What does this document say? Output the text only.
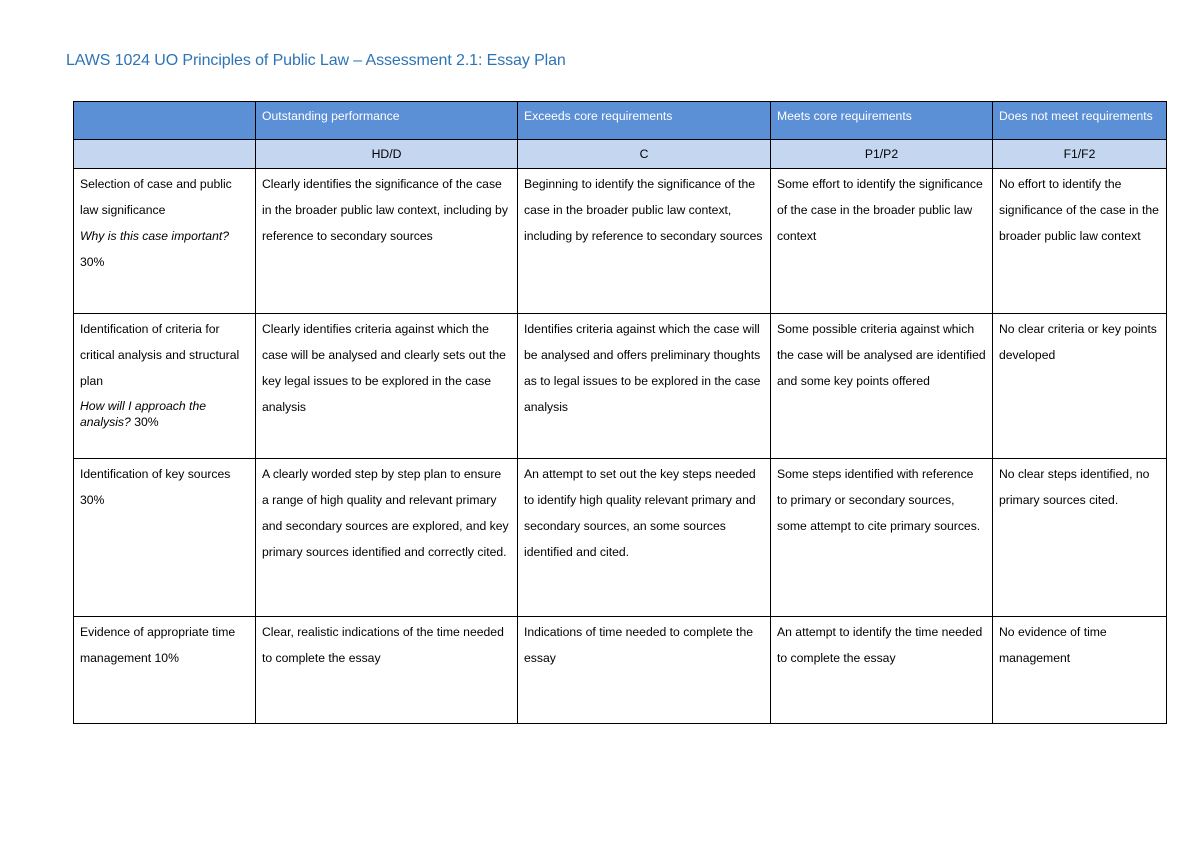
LAWS 1024 UO Principles of Public Law – Assessment 2.1: Essay Plan
	Outstanding performance	Exceeds core requirements	Meets core requirements	Does not meet requirements
	HD/D	C	P1/P2	F1/F2

Selection of case and public law significance
Why is this case important?
30%	Clearly identifies the significance of the case in the broader public law context, including by reference to secondary sources	Beginning to identify the significance of the case in the broader public law context, including by reference to secondary sources	Some effort to identify the significance of the case in the broader public law context	No effort to identify the significance of the case in the broader public law context

Identification of criteria for critical analysis and structural plan
How will I approach the analysis? 30%	Clearly identifies criteria against which the case will be analysed and clearly sets out the key legal issues to be explored in the case analysis	Identifies criteria against which the case will be analysed and offers preliminary thoughts as to legal issues to be explored in the case analysis	Some possible criteria against which the case will be analysed are identified and some key points offered	No clear criteria or key points developed

Identification of key sources 30%	A clearly worded step by step plan to ensure a range of high quality and relevant primary and secondary sources are explored, and key primary sources identified and correctly cited.	An attempt to set out the key steps needed to identify high quality relevant primary and secondary sources, an some sources identified and cited.	Some steps identified with reference to primary or secondary sources, some attempt to cite primary sources.	No clear steps identified, no primary sources cited.

Evidence of appropriate time management 10%	Clear, realistic indications of the time needed to complete the essay	Indications of time needed to complete the essay	An attempt to identify the time needed to complete the essay	No evidence of time management
